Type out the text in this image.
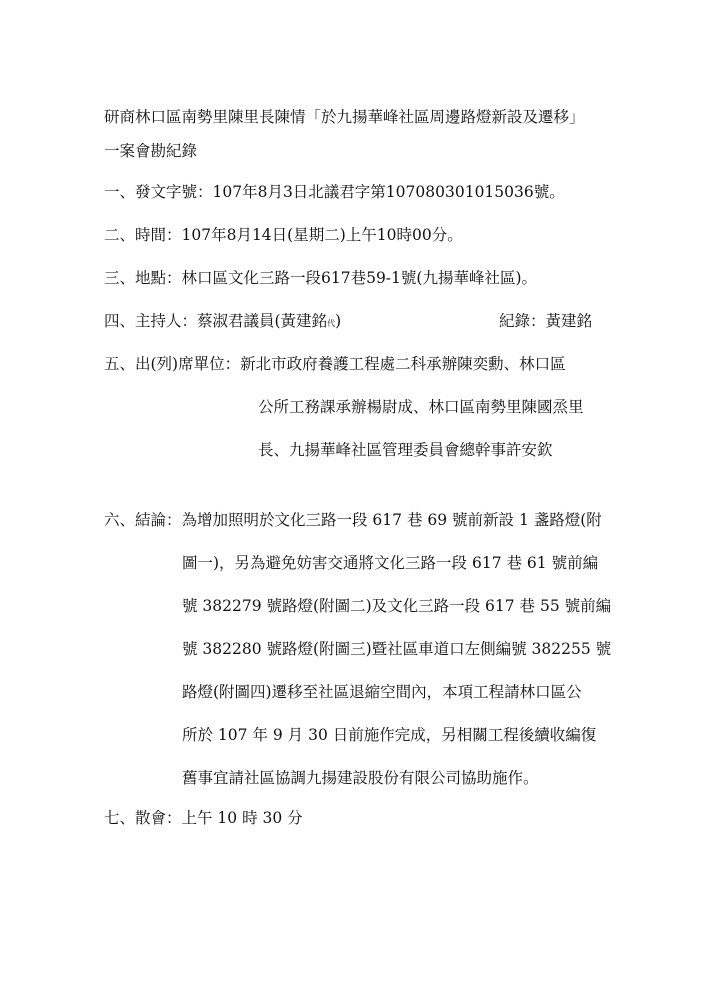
研商林口區南勢里陳里長陳情「於九揚華峰社區周邊路燈新設及遷移」
一案會勘紀錄
一、發文字號：107年8月3日北議君字第107080301015036號。
二、時間：107年8月14日(星期二)上午10時00分。
三、地點：林口區文化三路一段617巷59-1號(九揚華峰社區)。
四、主持人：蔡淑君議員(黃建銘代)	紀錄：黃建銘
五、出(列)席單位：新北市政府養護工程處二科承辦陳奕勳、林口區
公所工務課承辦楊尉成、林口區南勢里陳國烝里
長、九揚華峰社區管理委員會總幹事許安欽
六、結論：為增加照明於文化三路一段 617 巷 69 號前新設 1 盞路燈(附
圖一)，另為避免妨害交通將文化三路一段 617 巷 61 號前編
號 382279 號路燈(附圖二)及文化三路一段 617 巷 55 號前編
號 382280 號路燈(附圖三)暨社區車道口左側編號 382255 號
路燈(附圖四)遷移至社區退縮空間內，本項工程請林口區公
所於 107 年 9 月 30 日前施作完成，另相關工程後續收編復
舊事宜請社區協調九揚建設股份有限公司協助施作。
七、散會：上午 10 時 30 分
